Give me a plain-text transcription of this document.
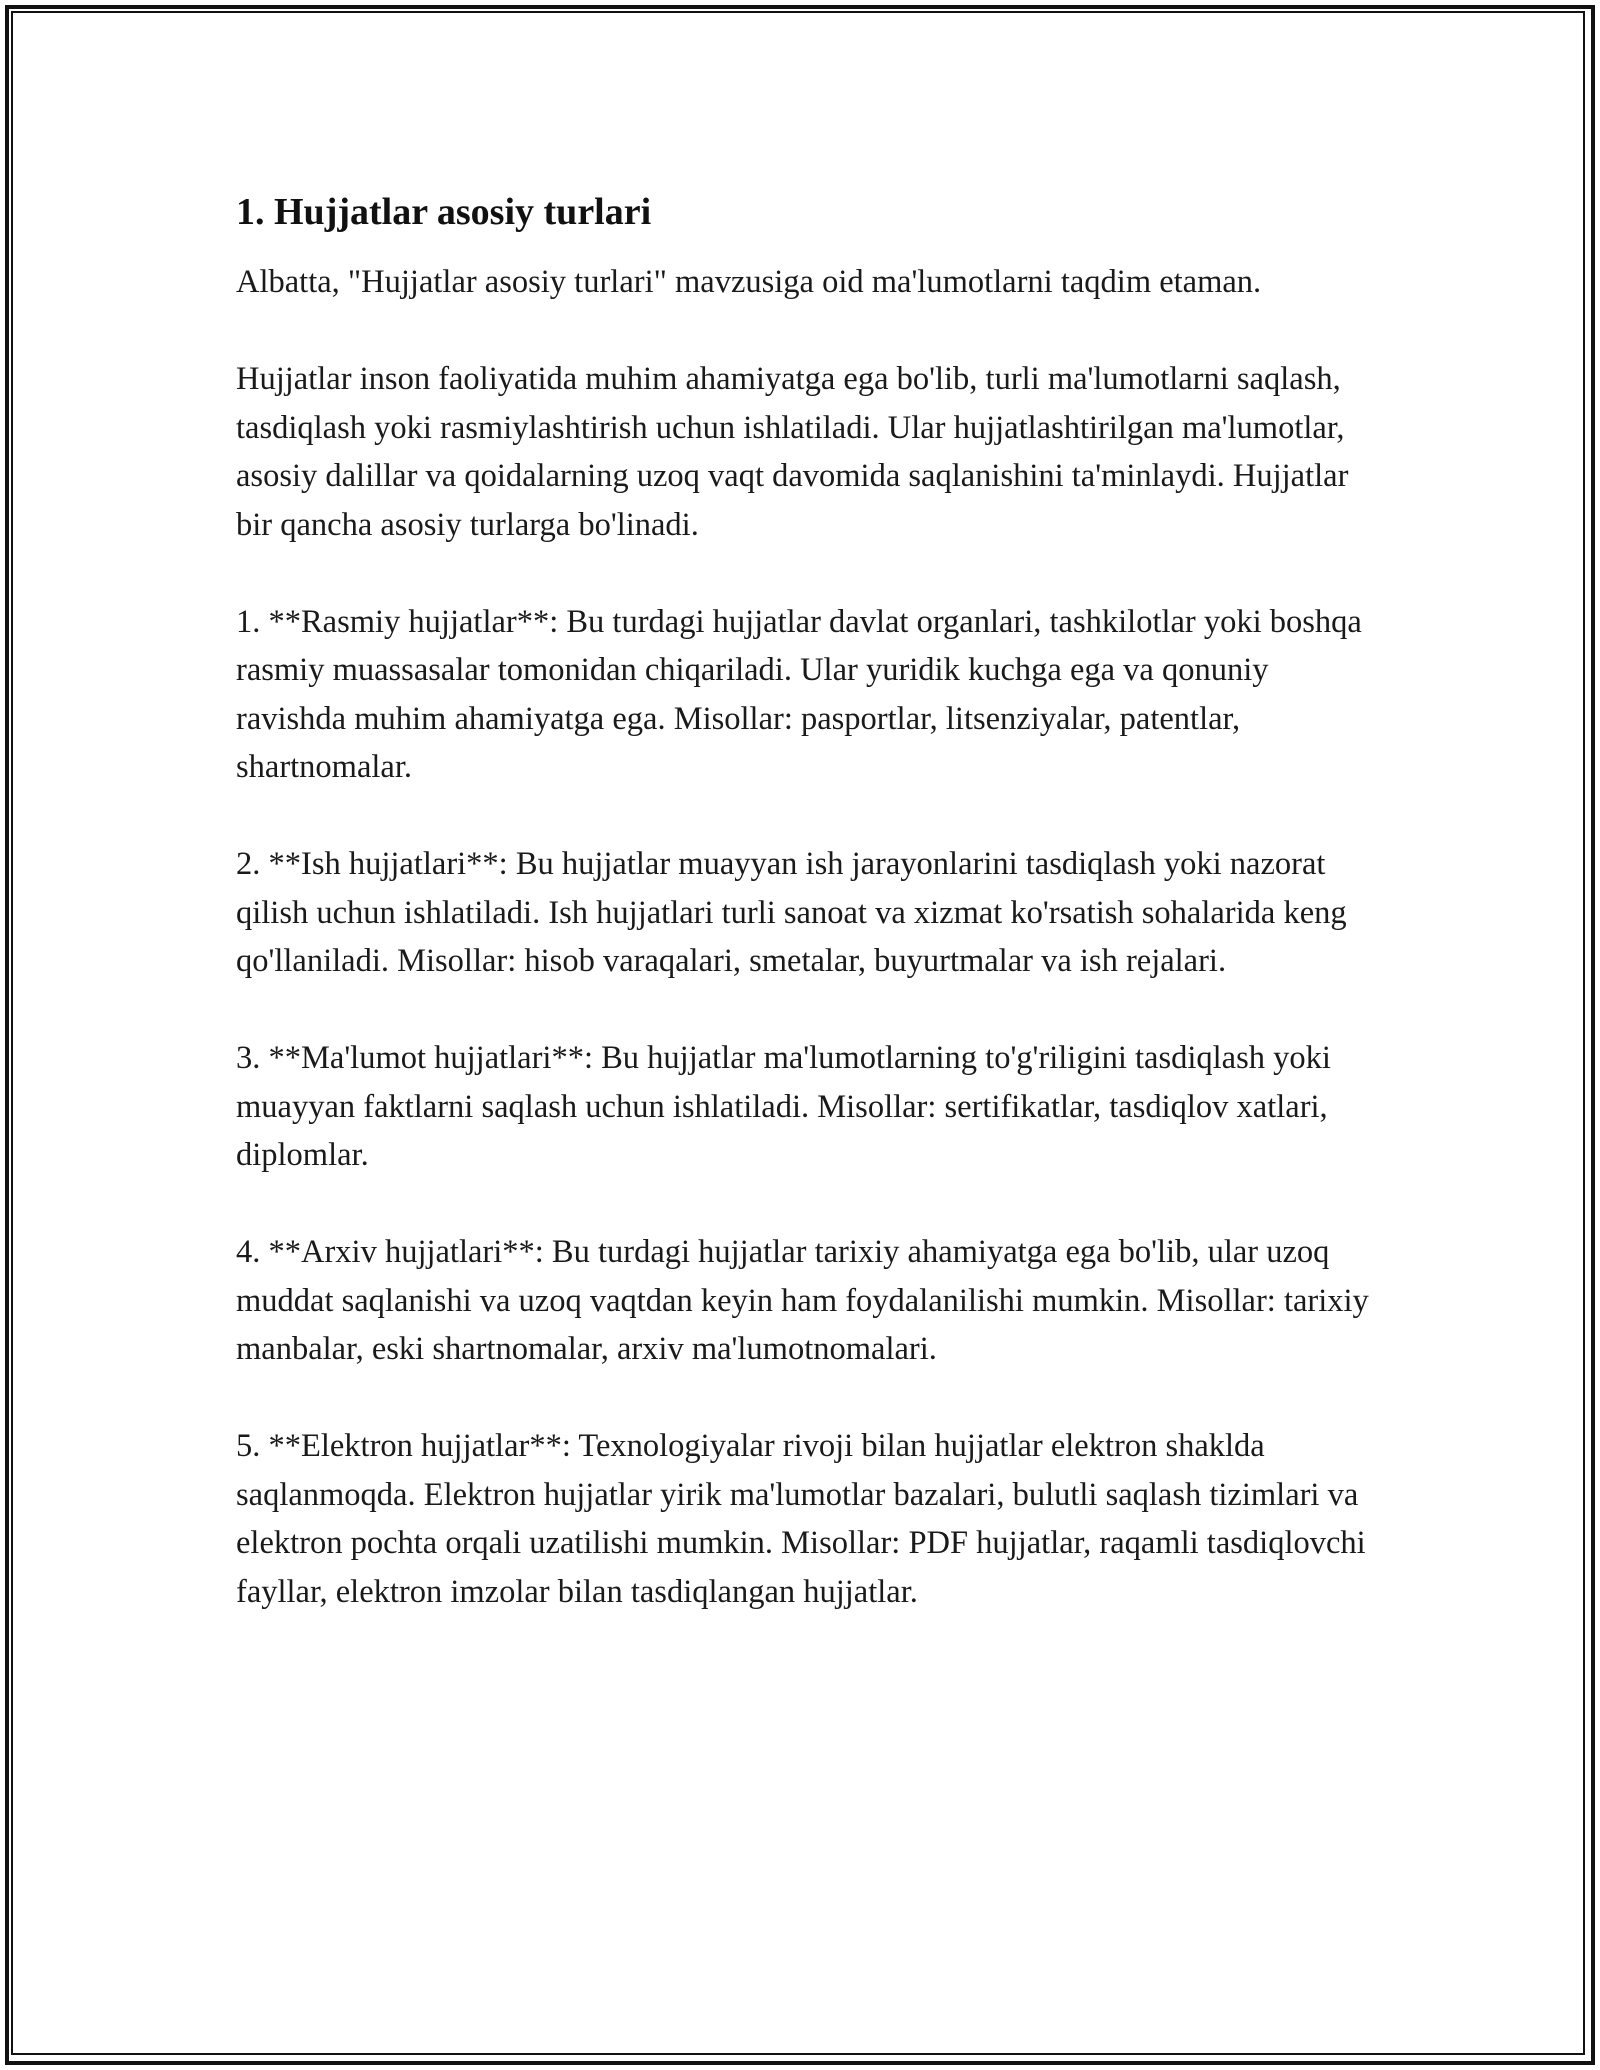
1. Hujjatlar asosiy turlari

Albatta, "Hujjatlar asosiy turlari" mavzusiga oid ma'lumotlarni taqdim etaman.

Hujjatlar inson faoliyatida muhim ahamiyatga ega bo'lib, turli ma'lumotlarni saqlash, tasdiqlash yoki rasmiylashtirish uchun ishlatiladi. Ular hujjatlashtirilgan ma'lumotlar, asosiy dalillar va qoidalarning uzoq vaqt davomida saqlanishini ta'minlaydi. Hujjatlar bir qancha asosiy turlarga bo'linadi.

1. **Rasmiy hujjatlar**: Bu turdagi hujjatlar davlat organlari, tashkilotlar yoki boshqa rasmiy muassasalar tomonidan chiqariladi. Ular yuridik kuchga ega va qonuniy ravishda muhim ahamiyatga ega. Misollar: pasportlar, litsenziyalar, patentlar, shartnomalar.

2. **Ish hujjatlari**: Bu hujjatlar muayyan ish jarayonlarini tasdiqlash yoki nazorat qilish uchun ishlatiladi. Ish hujjatlari turli sanoat va xizmat ko'rsatish sohalarida keng qo'llaniladi. Misollar: hisob varaqalari, smetalar, buyurtmalar va ish rejalari.

3. **Ma'lumot hujjatlari**: Bu hujjatlar ma'lumotlarning to'g'riligini tasdiqlash yoki muayyan faktlarni saqlash uchun ishlatiladi. Misollar: sertifikatlar, tasdiqlov xatlari, diplomlar.

4. **Arxiv hujjatlari**: Bu turdagi hujjatlar tarixiy ahamiyatga ega bo'lib, ular uzoq muddat saqlanishi va uzoq vaqtdan keyin ham foydalanilishi mumkin. Misollar: tarixiy manbalar, eski shartnomalar, arxiv ma'lumotnomalari.

5. **Elektron hujjatlar**: Texnologiyalar rivoji bilan hujjatlar elektron shaklda saqlanmoqda. Elektron hujjatlar yirik ma'lumotlar bazalari, bulutli saqlash tizimlari va elektron pochta orqali uzatilishi mumkin. Misollar: PDF hujjatlar, raqamli tasdiqlovchi fayllar, elektron imzolar bilan tasdiqlangan hujjatlar.
